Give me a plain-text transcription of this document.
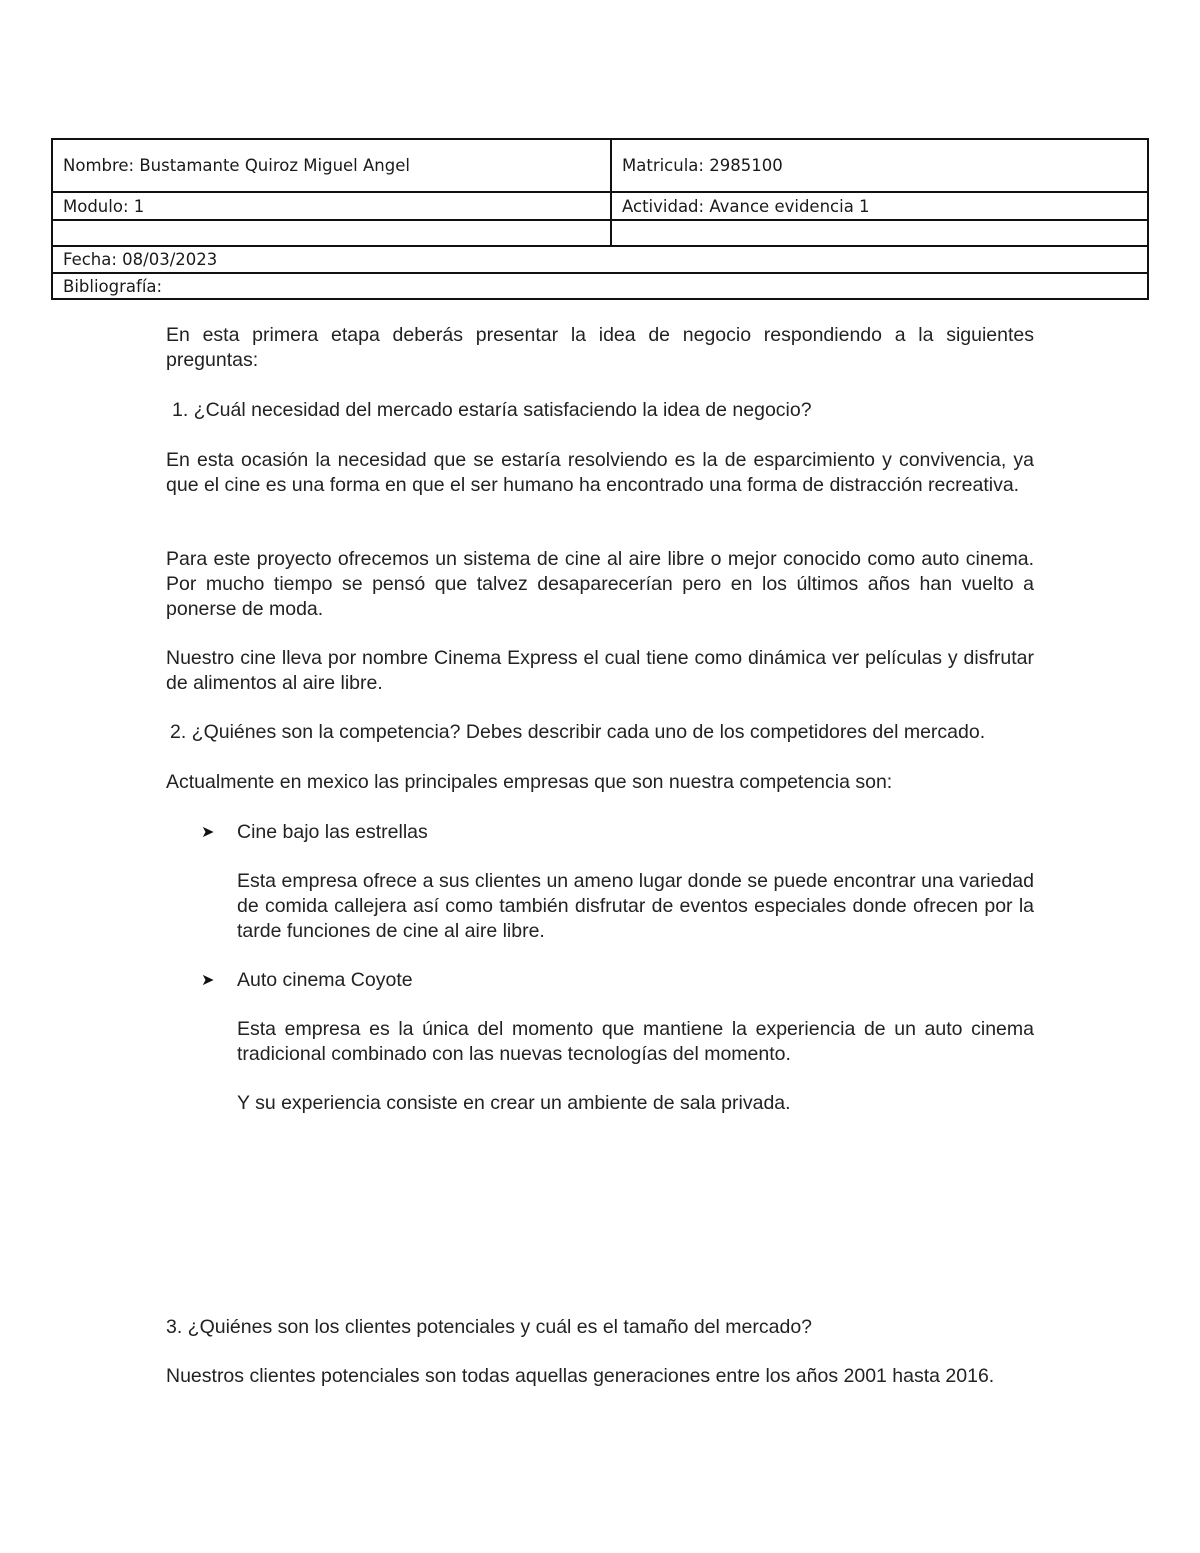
Nombre: Bustamante Quiroz Miguel Angel	Matricula: 2985100
Modulo: 1	Actividad: Avance evidencia 1

Fecha: 08/03/2023	
Bibliografía:	
En esta primera etapa deberás presentar la idea de negocio respondiendo a la siguientes preguntas:
1. ¿Cuál necesidad del mercado estaría satisfaciendo la idea de negocio?
En esta ocasión la necesidad que se estaría resolviendo es la de esparcimiento y convivencia, ya que el cine es una forma en que el ser humano ha encontrado una forma de distracción recreativa.
Para este proyecto ofrecemos un sistema de cine al aire libre o mejor conocido como auto cinema. Por mucho tiempo se pensó que talvez desaparecerían pero en los últimos años han vuelto a ponerse de moda.
Nuestro cine lleva por nombre Cinema Express el cual tiene como dinámica ver películas y disfrutar de alimentos al aire libre.
2. ¿Quiénes son la competencia? Debes describir cada uno de los competidores del mercado.
Actualmente en mexico las principales empresas que son nuestra competencia son:
➤ Cine bajo las estrellas
Esta empresa ofrece a sus clientes un ameno lugar donde se puede encontrar una variedad de comida callejera así como también disfrutar de eventos especiales donde ofrecen por la tarde funciones de cine al aire libre.
➤ Auto cinema Coyote
Esta empresa es la única del momento que mantiene la experiencia de un auto cinema tradicional combinado con las nuevas tecnologías del momento.
Y su experiencia consiste en crear un ambiente de sala privada.
3. ¿Quiénes son los clientes potenciales y cuál es el tamaño del mercado?
Nuestros clientes potenciales son todas aquellas generaciones entre los años 2001 hasta 2016.
